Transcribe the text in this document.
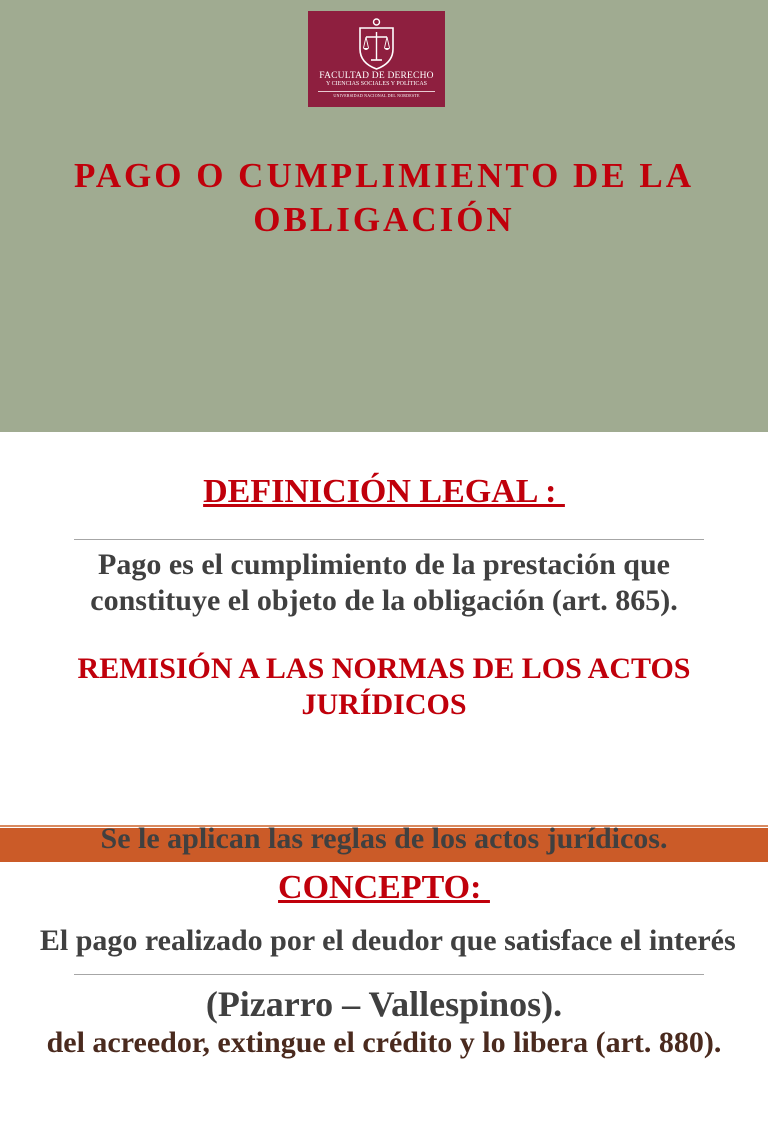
FACULTAD DE DERECHO
Y CIENCIAS SOCIALES Y POLÍTICAS
UNIVERSIDAD NACIONAL DEL NORDESTE
PAGO O CUMPLIMIENTO DE LA
OBLIGACIÓN
DEFINICIÓN LEGAL :
Pago es el cumplimiento de la prestación que
constituye el objeto de la obligación (art. 865).
REMISIÓN A LAS NORMAS DE LOS ACTOS
JURÍDICOS

Se le aplican las reglas de los actos jurídicos.

El pago realizado por el deudor que satisface el interés

del acreedor, extingue el crédito y lo libera (art. 880).

CONCEPTO:
(Pizarro – Vallespinos).
